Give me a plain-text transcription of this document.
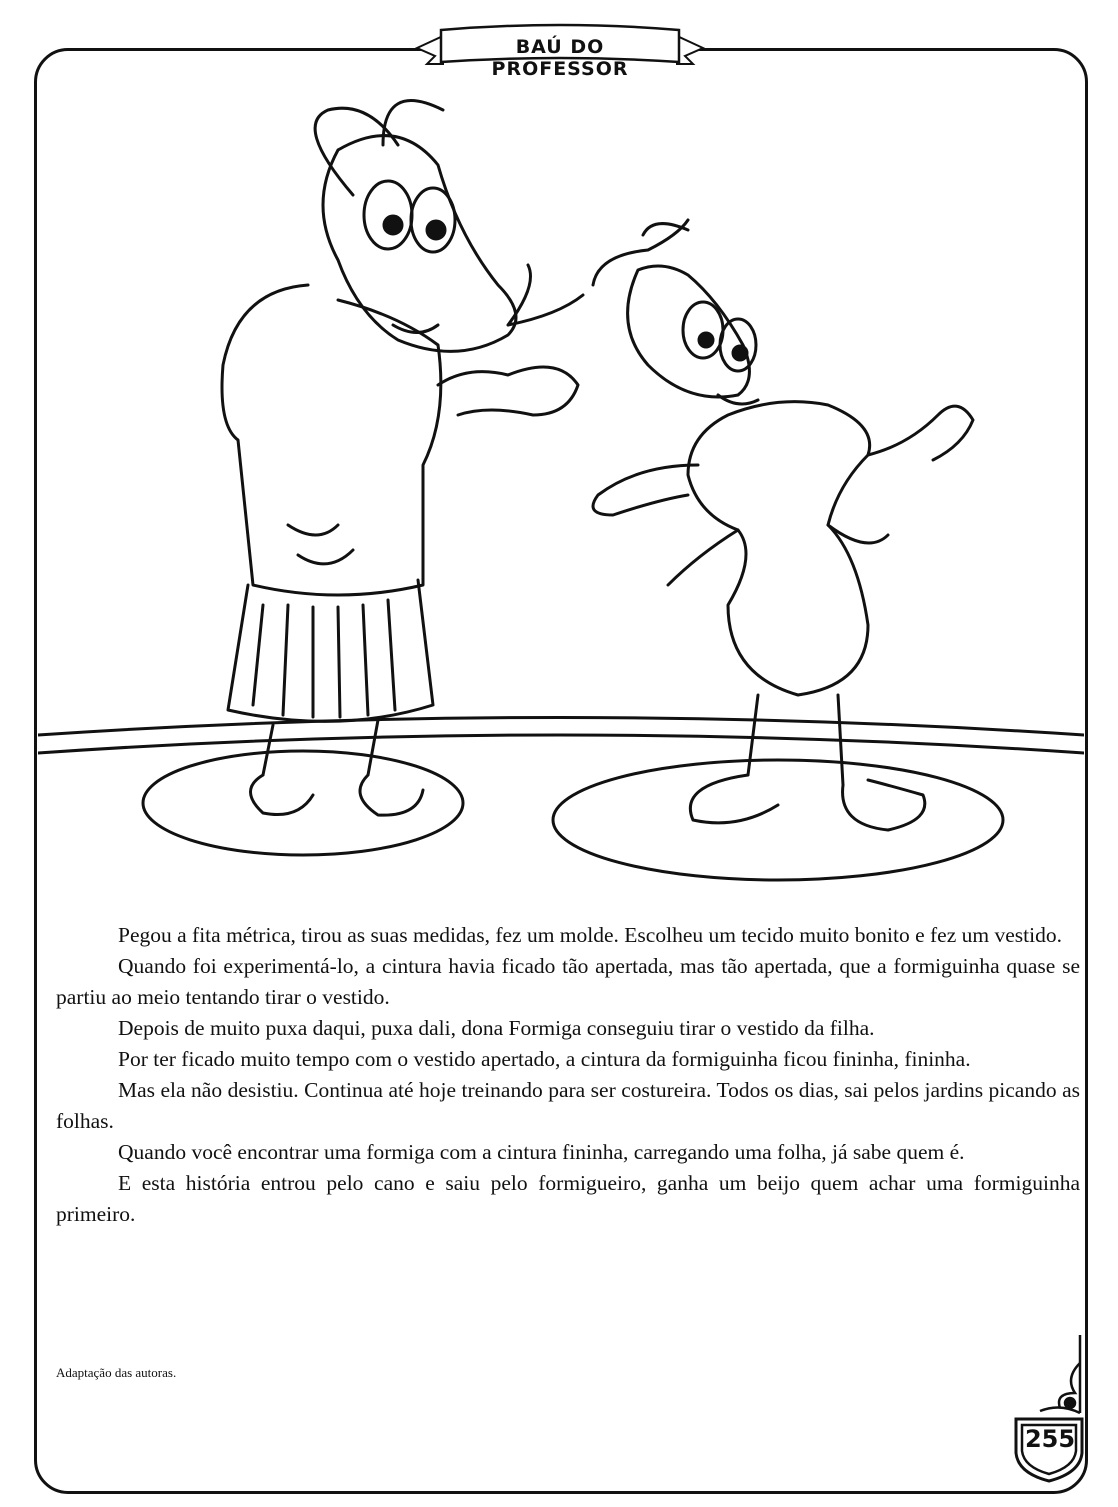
BAÚ DO PROFESSOR

Pegou a fita métrica, tirou as suas medidas, fez um molde. Escolheu um tecido muito bonito e fez um vestido.

Quando foi experimentá-lo, a cintura havia ficado tão apertada, mas tão apertada, que a formiguinha quase se partiu ao meio tentando tirar o vestido.

Depois de muito puxa daqui, puxa dali, dona Formiga conseguiu tirar o vestido da filha.

Por ter ficado muito tempo com o vestido apertado, a cintura da formiguinha ficou fininha, fininha.

Mas ela não desistiu. Continua até hoje treinando para ser costureira. Todos os dias, sai pelos jardins picando as folhas.

Quando você encontrar uma formiga com a cintura fininha, carregando uma folha, já sabe quem é.

E esta história entrou pelo cano e saiu pelo formigueiro, ganha um beijo quem achar uma formiguinha primeiro.

Adaptação das autoras.
255
